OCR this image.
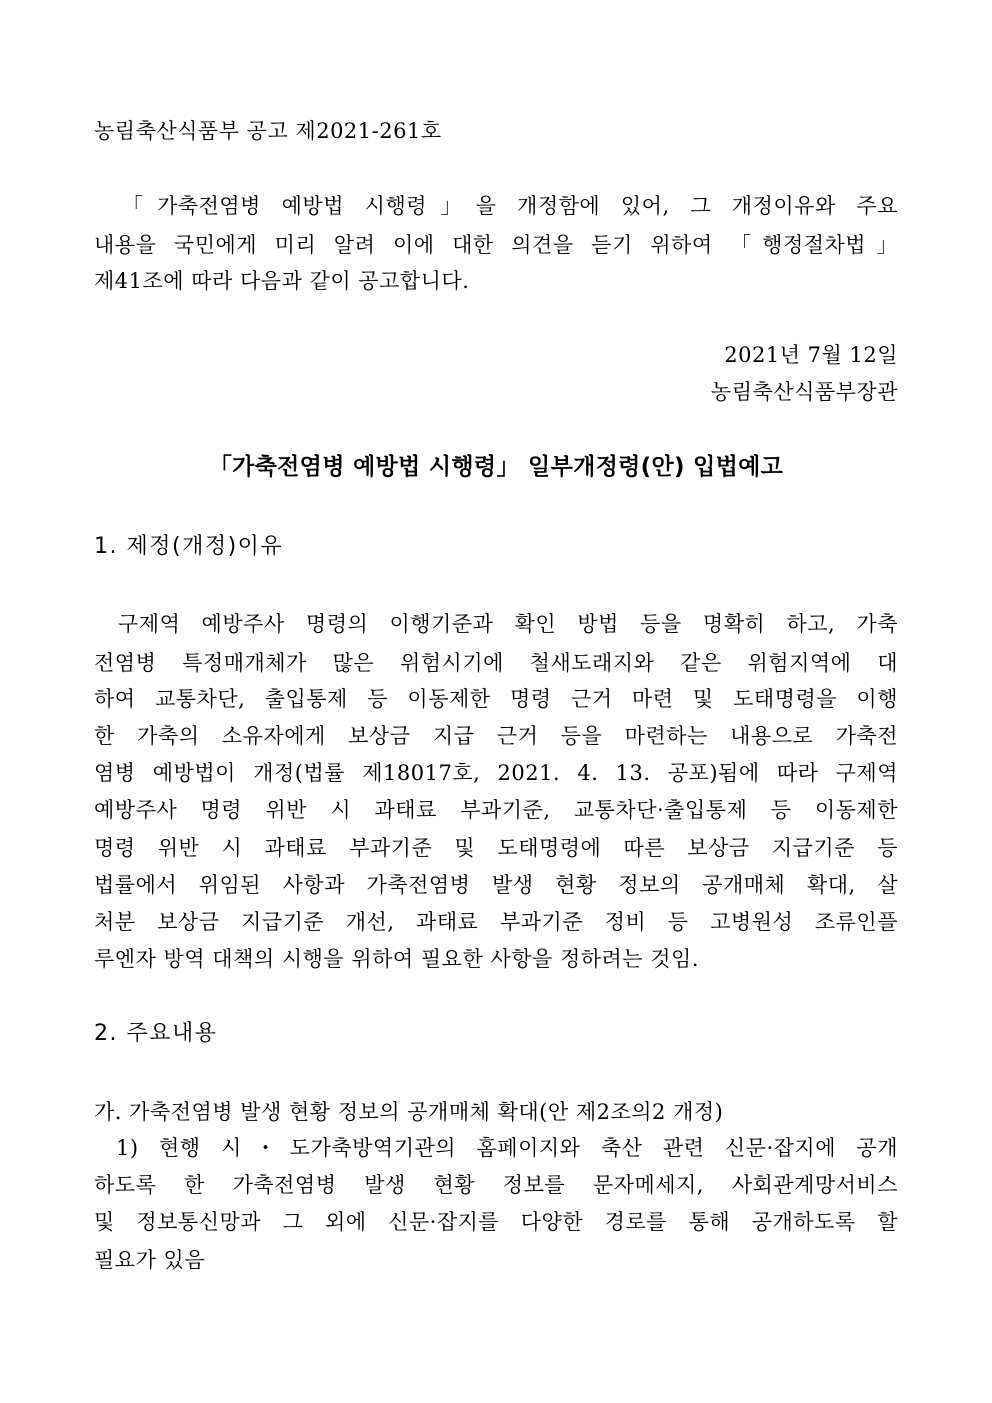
농림축산식품부 공고 제2021-261호
「가축전염병 예방법 시행령」을 개정함에 있어, 그 개정이유와 주요
내용을 국민에게 미리 알려 이에 대한 의견을 듣기 위하여 「행정절차법」
제41조에 따라 다음과 같이 공고합니다.
2021년 7월 12일
농림축산식품부장관
「가축전염병 예방법 시행령」 일부개정령(안) 입법예고
1. 제정(개정)이유
구제역 예방주사 명령의 이행기준과 확인 방법 등을 명확히 하고, 가축
전염병 특정매개체가 많은 위험시기에 철새도래지와 같은 위험지역에 대
하여 교통차단, 출입통제 등 이동제한 명령 근거 마련 및 도태명령을 이행
한 가축의 소유자에게 보상금 지급 근거 등을 마련하는 내용으로 가축전
염병 예방법이 개정(법률 제18017호, 2021. 4. 13. 공포)됨에 따라 구제역
예방주사 명령 위반 시 과태료 부과기준, 교통차단·출입통제 등 이동제한
명령 위반 시 과태료 부과기준 및 도태명령에 따른 보상금 지급기준 등
법률에서 위임된 사항과 가축전염병 발생 현황 정보의 공개매체 확대, 살
처분 보상금 지급기준 개선, 과태료 부과기준 정비 등 고병원성 조류인플
루엔자 방역 대책의 시행을 위하여 필요한 사항을 정하려는 것임.
2. 주요내용
가. 가축전염병 발생 현황 정보의 공개매체 확대(안 제2조의2 개정)
1) 현행 시・도가축방역기관의 홈페이지와 축산 관련 신문·잡지에 공개
하도록 한 가축전염병 발생 현황 정보를 문자메세지, 사회관계망서비스
및 정보통신망과 그 외에 신문·잡지를 다양한 경로를 통해 공개하도록 할
필요가 있음
